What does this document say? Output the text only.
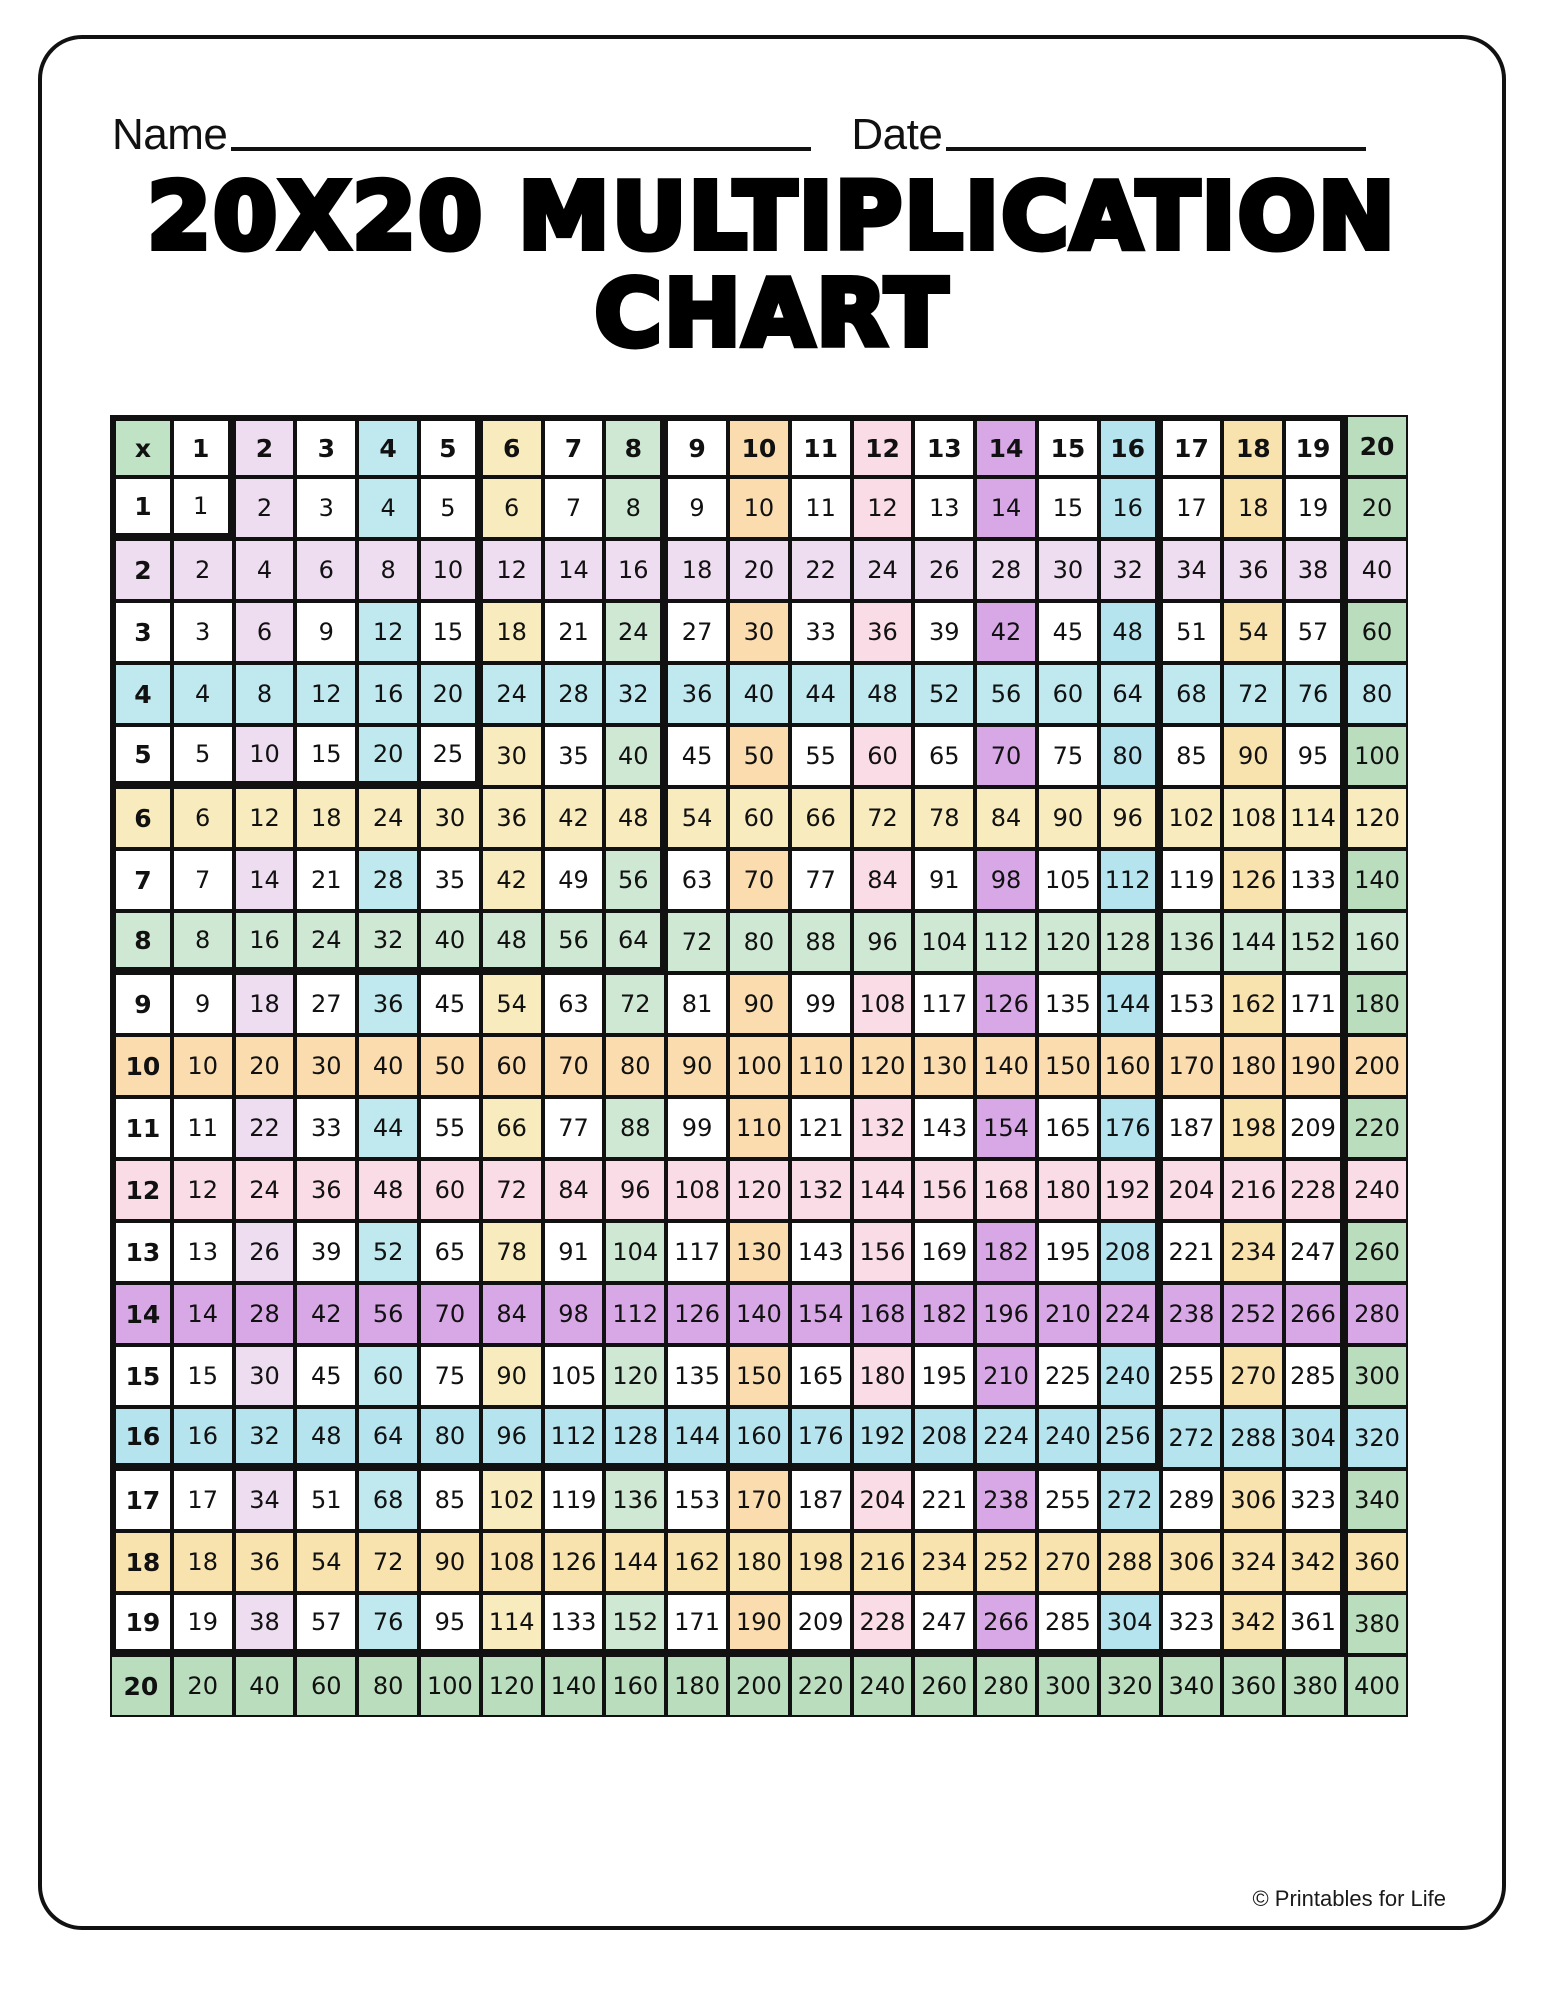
Name	Date
20X20 MULTIPLICATION
CHART
x	1	2	3	4	5	6	7	8	9	10	11	12	13	14	15	16	17	18	19	20
1	1	2	3	4	5	6	7	8	9	10	11	12	13	14	15	16	17	18	19	20
2	2	4	6	8	10	12	14	16	18	20	22	24	26	28	30	32	34	36	38	40
3	3	6	9	12	15	18	21	24	27	30	33	36	39	42	45	48	51	54	57	60
4	4	8	12	16	20	24	28	32	36	40	44	48	52	56	60	64	68	72	76	80
5	5	10	15	20	25	30	35	40	45	50	55	60	65	70	75	80	85	90	95	100
6	6	12	18	24	30	36	42	48	54	60	66	72	78	84	90	96	102	108	114	120
7	7	14	21	28	35	42	49	56	63	70	77	84	91	98	105	112	119	126	133	140
8	8	16	24	32	40	48	56	64	72	80	88	96	104	112	120	128	136	144	152	160
9	9	18	27	36	45	54	63	72	81	90	99	108	117	126	135	144	153	162	171	180
10	10	20	30	40	50	60	70	80	90	100	110	120	130	140	150	160	170	180	190	200
11	11	22	33	44	55	66	77	88	99	110	121	132	143	154	165	176	187	198	209	220
12	12	24	36	48	60	72	84	96	108	120	132	144	156	168	180	192	204	216	228	240
13	13	26	39	52	65	78	91	104	117	130	143	156	169	182	195	208	221	234	247	260
14	14	28	42	56	70	84	98	112	126	140	154	168	182	196	210	224	238	252	266	280
15	15	30	45	60	75	90	105	120	135	150	165	180	195	210	225	240	255	270	285	300
16	16	32	48	64	80	96	112	128	144	160	176	192	208	224	240	256	272	288	304	320
17	17	34	51	68	85	102	119	136	153	170	187	204	221	238	255	272	289	306	323	340
18	18	36	54	72	90	108	126	144	162	180	198	216	234	252	270	288	306	324	342	360
19	19	38	57	76	95	114	133	152	171	190	209	228	247	266	285	304	323	342	361	380
20	20	40	60	80	100	120	140	160	180	200	220	240	260	280	300	320	340	360	380	400
© Printables for Life
